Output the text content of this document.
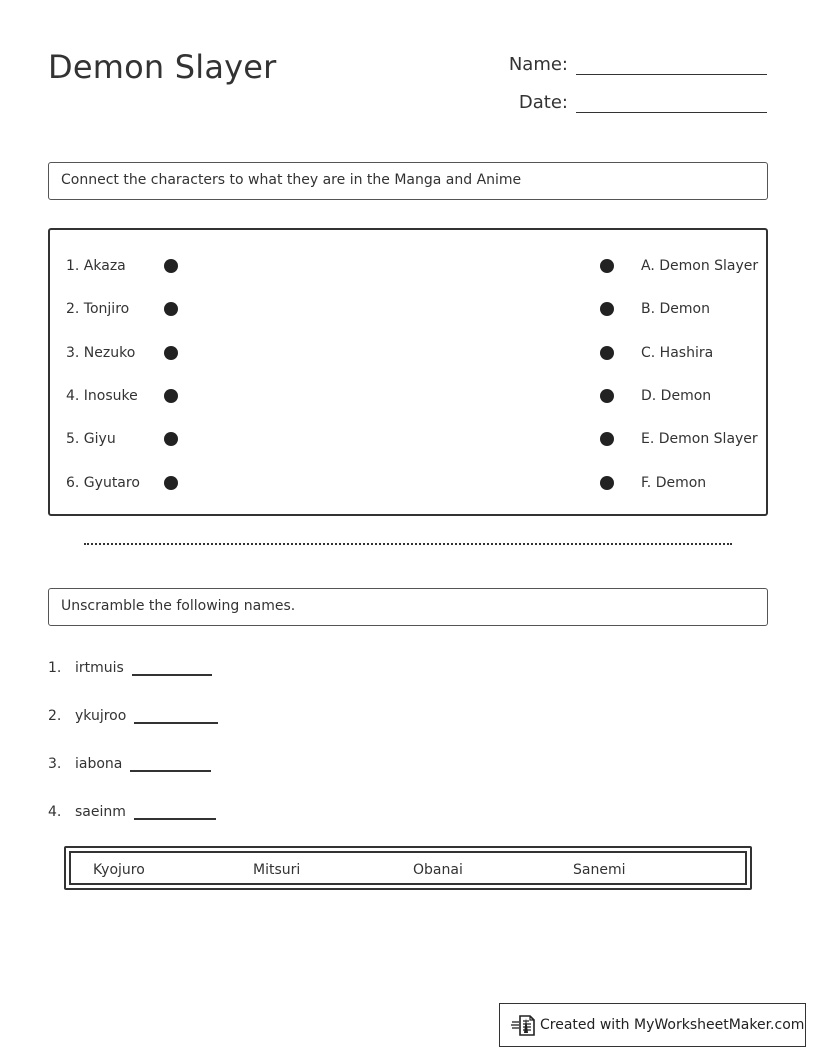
Demon Slayer	Name:
Date:
Connect the characters to what they are in the Manga and Anime
1. Akaza	A. Demon Slayer
2. Tonjiro	B. Demon
3. Nezuko	C. Hashira
4. Inosuke	D. Demon
5. Giyu	E. Demon Slayer
6. Gyutaro	F. Demon
Unscramble the following names.
1. irtmuis
2. ykujroo
3. iabona
4. saeinm
Kyojuro	Mitsuri	Obanai	Sanemi
Created with MyWorksheetMaker.com
